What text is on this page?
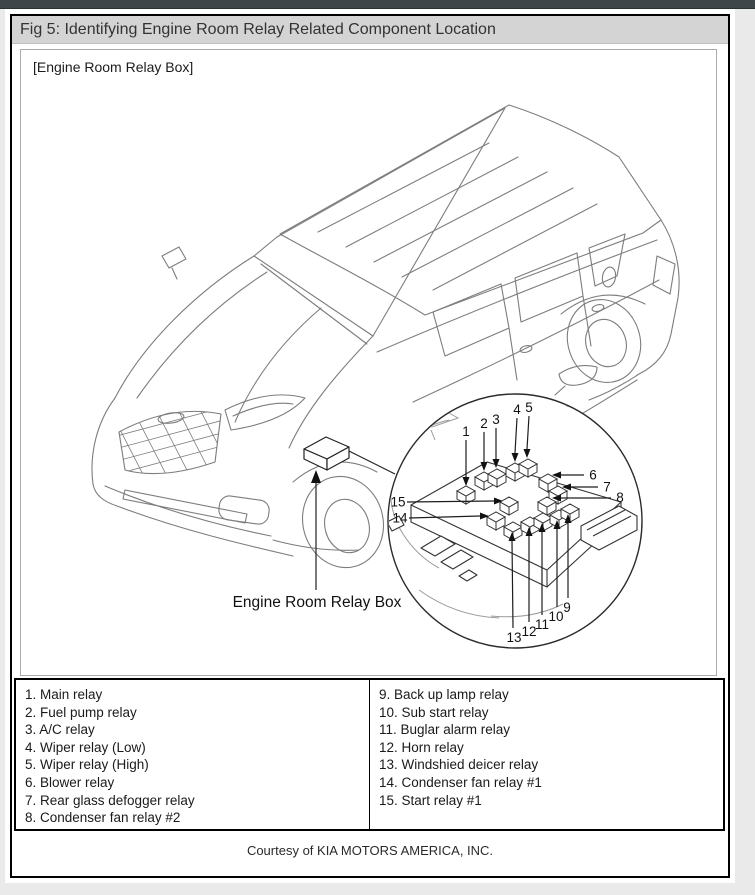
Fig 5: Identifying Engine Room Relay Related Component Location
[Engine Room Relay Box]
1
2 3
4 5
6
7
8
15
14
13 12
11
10
9
Engine Room Relay Box
1. Main relay
2. Fuel pump relay
3. A/C relay
4. Wiper relay (Low)
5. Wiper relay (High)
6. Blower relay
7. Rear glass defogger relay
8. Condenser fan relay #2
9. Back up lamp relay
10. Sub start relay
11. Buglar alarm relay
12. Horn relay
13. Windshied deicer relay
14. Condenser fan relay #1
15. Start relay #1
Courtesy of KIA MOTORS AMERICA, INC.
